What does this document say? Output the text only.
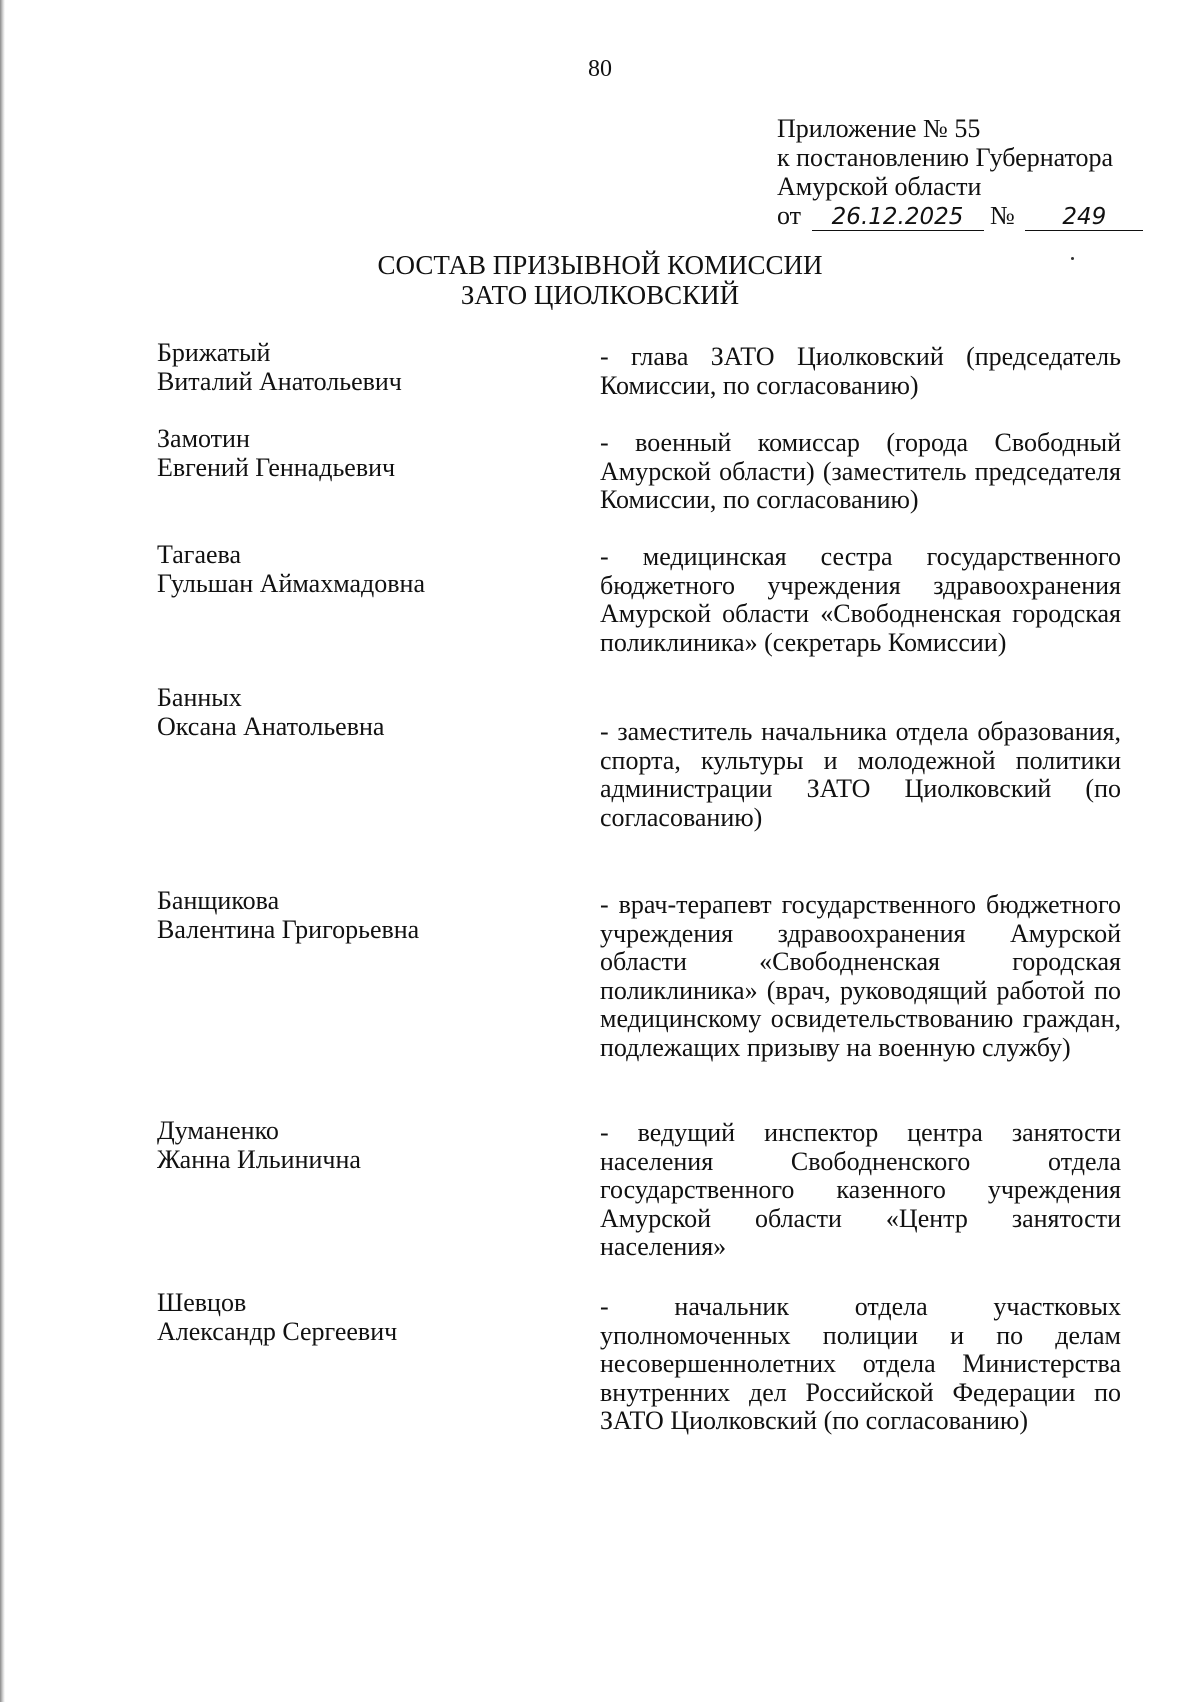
80
Приложение № 55
к постановлению Губернатора
Амурской области
от 26.12.2025 № 249
СОСТАВ ПРИЗЫВНОЙ КОМИССИИ
ЗАТО ЦИОЛКОВСКИЙ
Брижатый
Виталий Анатольевич
- глава ЗАТО Циолковский (председатель Комиссии, по согласованию)
Замотин
Евгений Геннадьевич
- военный комиссар (города Свободный Амурской области) (заместитель председателя Комиссии, по согласованию)
Тагаева
Гульшан Аймахмадовна
- медицинская сестра государственного бюджетного учреждения здравоохранения Амурской области «Свободненская городская поликлиника» (секретарь Комиссии)
Банных
Оксана Анатольевна	- заместитель начальника отдела образования, спорта, культуры и молодежной политики администрации ЗАТО Циолковский (по согласованию)
Банщикова
Валентина Григорьевна
- врач-терапевт государственного бюджетного учреждения здравоохранения Амурской области «Свободненская городская поликлиника» (врач, руководящий работой по медицинскому освидетельствованию граждан, подлежащих призыву на военную службу)
Думаненко
Жанна Ильинична
- ведущий инспектор центра занятости населения Свободненского отдела государственного казенного учреждения Амурской области «Центр занятости населения»
Шевцов
Александр Сергеевич
- начальник отдела участковых уполномоченных полиции и по делам несовершеннолетних отдела Министерства внутренних дел Российской Федерации по ЗАТО Циолковский (по согласованию)
